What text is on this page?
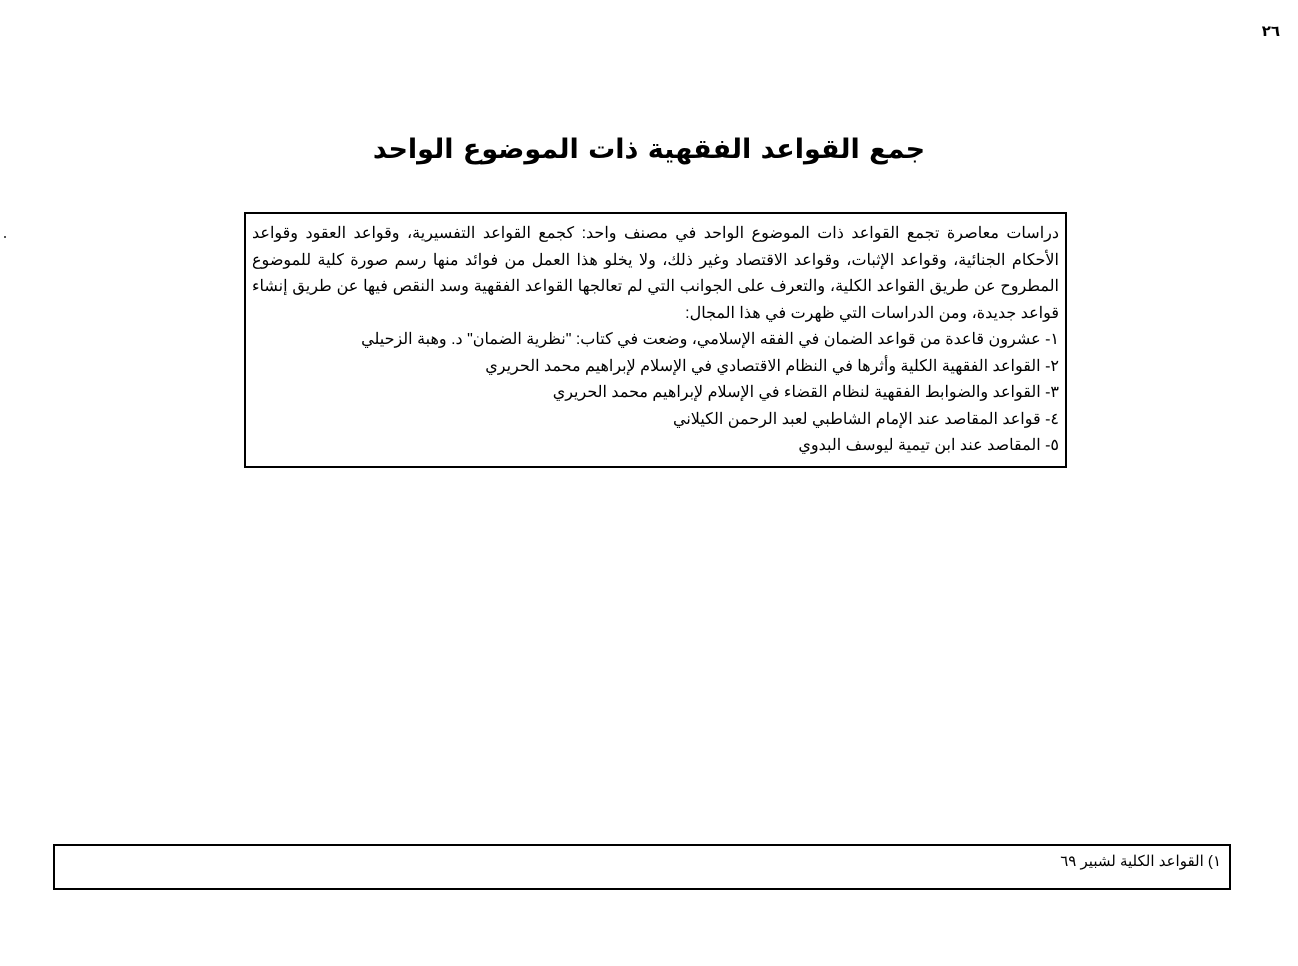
٢٦
جمع القواعد الفقهية ذات الموضوع الواحد
دراسات معاصرة تجمع القواعد ذات الموضوع الواحد في مصنف واحد: كجمع القواعد التفسيرية، وقواعد العقود وقواعد الأحكام الجنائية، وقواعد الإثبات، وقواعد الاقتصاد وغير ذلك، ولا يخلو هذا العمل من فوائد منها رسم صورة كلية للموضوع المطروح عن طريق القواعد الكلية، والتعرف على الجوانب التي لم تعالجها القواعد الفقهية وسد النقص فيها عن طريق إنشاء قواعد جديدة، ومن الدراسات التي ظهرت في هذا المجال:
١- عشرون قاعدة من قواعد الضمان في الفقه الإسلامي، وضعت في كتاب: "نظرية الضمان" د. وهبة الزحيلي
٢- القواعد الفقهية الكلية وأثرها في النظام الاقتصادي في الإسلام لإبراهيم محمد الحريري
٣- القواعد والضوابط الفقهية لنظام القضاء في الإسلام لإبراهيم محمد الحريري
٤- قواعد المقاصد عند الإمام الشاطبي لعبد الرحمن الكيلاني
٥- المقاصد عند ابن تيمية ليوسف البدوي
١) القواعد الكلية لشبير ٦٩
